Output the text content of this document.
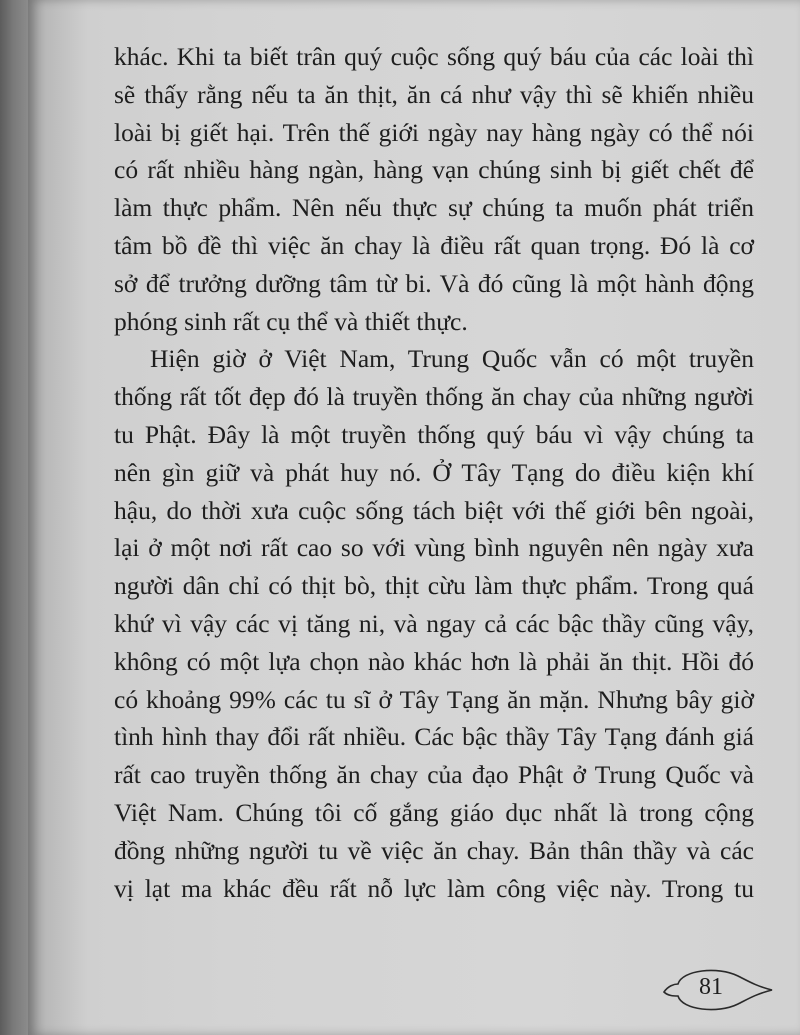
khác. Khi ta biết trân quý cuộc sống quý báu của các loài thì
sẽ thấy rằng nếu ta ăn thịt, ăn cá như vậy thì sẽ khiến nhiều
loài bị giết hại. Trên thế giới ngày nay hàng ngày có thể nói
có rất nhiều hàng ngàn, hàng vạn chúng sinh bị giết chết để
làm thực phẩm. Nên nếu thực sự chúng ta muốn phát triển
tâm bồ đề thì việc ăn chay là điều rất quan trọng. Đó là cơ
sở để trưởng dưỡng tâm từ bi. Và đó cũng là một hành động
phóng sinh rất cụ thể và thiết thực.
Hiện giờ ở Việt Nam, Trung Quốc vẫn có một truyền
thống rất tốt đẹp đó là truyền thống ăn chay của những người
tu Phật. Đây là một truyền thống quý báu vì vậy chúng ta
nên gìn giữ và phát huy nó. Ở Tây Tạng do điều kiện khí
hậu, do thời xưa cuộc sống tách biệt với thế giới bên ngoài,
lại ở một nơi rất cao so với vùng bình nguyên nên ngày xưa
người dân chỉ có thịt bò, thịt cừu làm thực phẩm. Trong quá
khứ vì vậy các vị tăng ni, và ngay cả các bậc thầy cũng vậy,
không có một lựa chọn nào khác hơn là phải ăn thịt. Hồi đó
có khoảng 99% các tu sĩ ở Tây Tạng ăn mặn. Nhưng bây giờ
tình hình thay đổi rất nhiều. Các bậc thầy Tây Tạng đánh giá
rất cao truyền thống ăn chay của đạo Phật ở Trung Quốc và
Việt Nam. Chúng tôi cố gắng giáo dục nhất là trong cộng
đồng những người tu về việc ăn chay. Bản thân thầy và các
vị lạt ma khác đều rất nỗ lực làm công việc này. Trong tu
81
